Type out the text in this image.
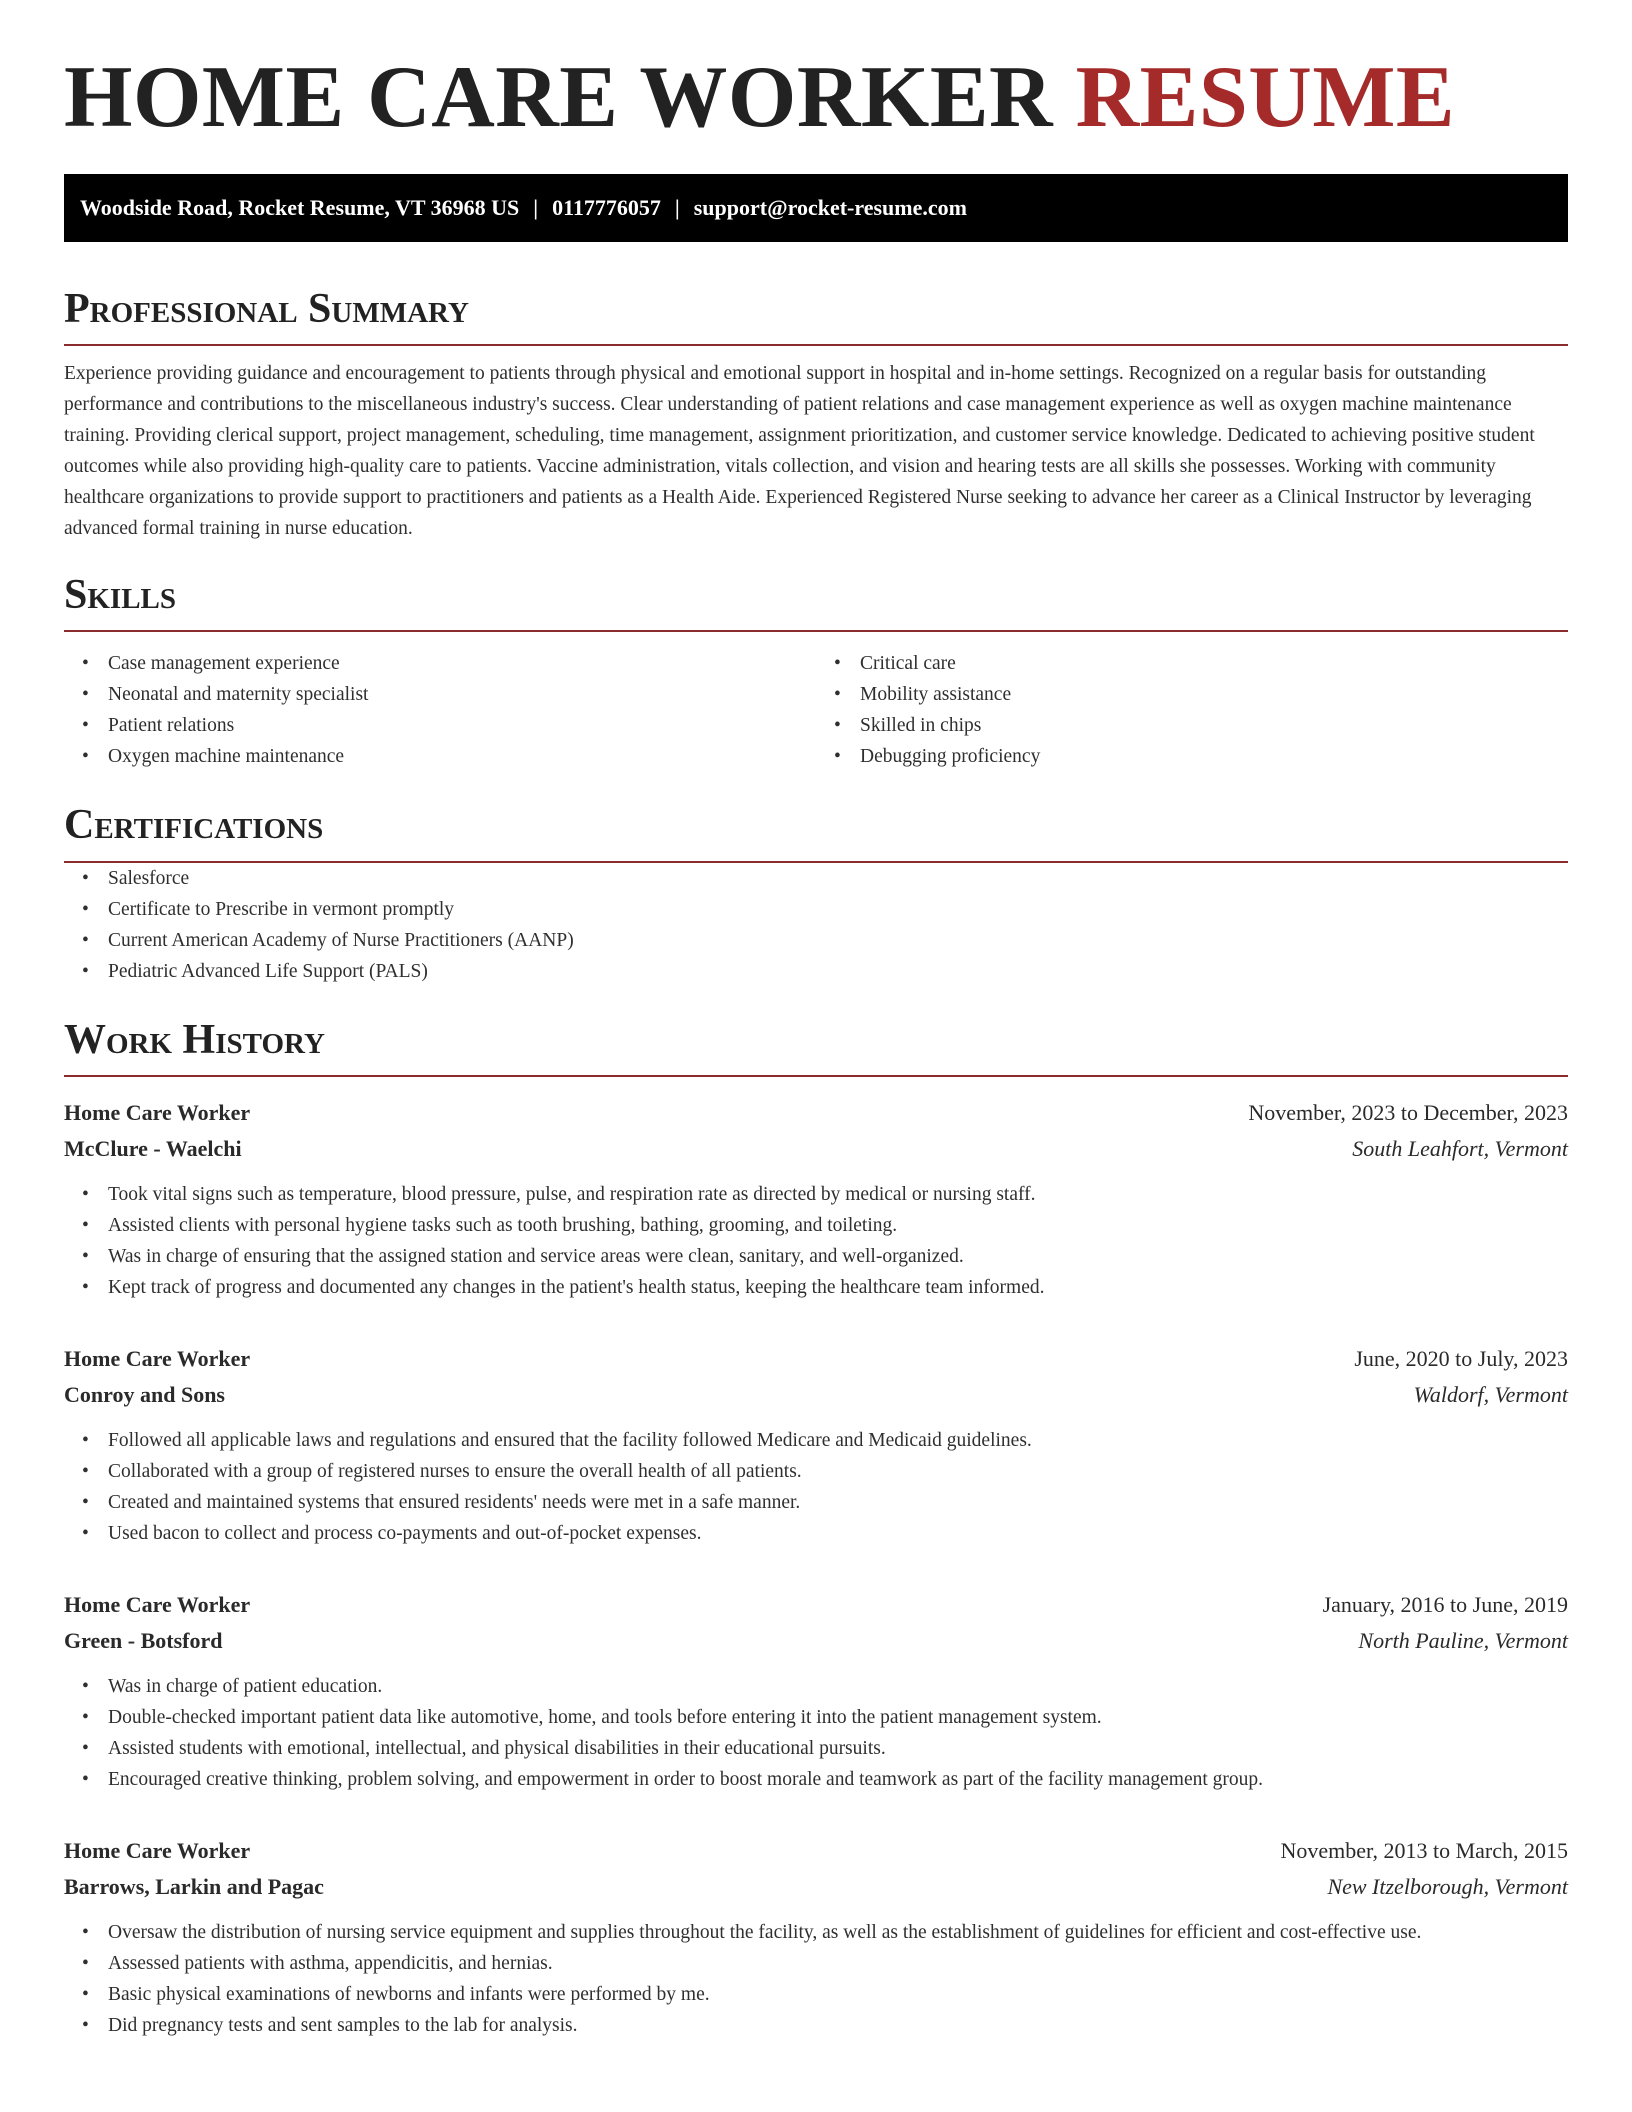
HOME CARE WORKER RESUME
Woodside Road, Rocket Resume, VT 36968 US | 0117776057 | support@rocket-resume.com
Professional Summary

Experience providing guidance and encouragement to patients through physical and emotional support in hospital and in-home settings. Recognized on a regular basis for outstanding performance and contributions to the miscellaneous industry's success. Clear understanding of patient relations and case management experience as well as oxygen machine maintenance training. Providing clerical support, project management, scheduling, time management, assignment prioritization, and customer service knowledge. Dedicated to achieving positive student outcomes while also providing high-quality care to patients. Vaccine administration, vitals collection, and vision and hearing tests are all skills she possesses. Working with community healthcare organizations to provide support to practitioners and patients as a Health Aide. Experienced Registered Nurse seeking to advance her career as a Clinical Instructor by leveraging advanced formal training in nurse education.

Skills
• Case management experience
• Neonatal and maternity specialist
• Patient relations
• Oxygen machine maintenance
• Critical care
• Mobility assistance
• Skilled in chips
• Debugging proficiency
Certifications
• Salesforce
• Certificate to Prescribe in vermont promptly
• Current American Academy of Nurse Practitioners (AANP)
• Pediatric Advanced Life Support (PALS)
Work History
Home Care Worker	November, 2023 to December, 2023
McClure - Waelchi	South Leahfort, Vermont
• Took vital signs such as temperature, blood pressure, pulse, and respiration rate as directed by medical or nursing staff.
• Assisted clients with personal hygiene tasks such as tooth brushing, bathing, grooming, and toileting.
• Was in charge of ensuring that the assigned station and service areas were clean, sanitary, and well-organized.
• Kept track of progress and documented any changes in the patient's health status, keeping the healthcare team informed.
Home Care Worker	June, 2020 to July, 2023
Conroy and Sons	Waldorf, Vermont
• Followed all applicable laws and regulations and ensured that the facility followed Medicare and Medicaid guidelines.
• Collaborated with a group of registered nurses to ensure the overall health of all patients.
• Created and maintained systems that ensured residents' needs were met in a safe manner.
• Used bacon to collect and process co-payments and out-of-pocket expenses.
Home Care Worker	January, 2016 to June, 2019
Green - Botsford	North Pauline, Vermont
• Was in charge of patient education.
• Double-checked important patient data like automotive, home, and tools before entering it into the patient management system.
• Assisted students with emotional, intellectual, and physical disabilities in their educational pursuits.
• Encouraged creative thinking, problem solving, and empowerment in order to boost morale and teamwork as part of the facility management group.
Home Care Worker	November, 2013 to March, 2015
Barrows, Larkin and Pagac	New Itzelborough, Vermont
• Oversaw the distribution of nursing service equipment and supplies throughout the facility, as well as the establishment of guidelines for efficient and cost-effective use.
• Assessed patients with asthma, appendicitis, and hernias.
• Basic physical examinations of newborns and infants were performed by me.
• Did pregnancy tests and sent samples to the lab for analysis.
